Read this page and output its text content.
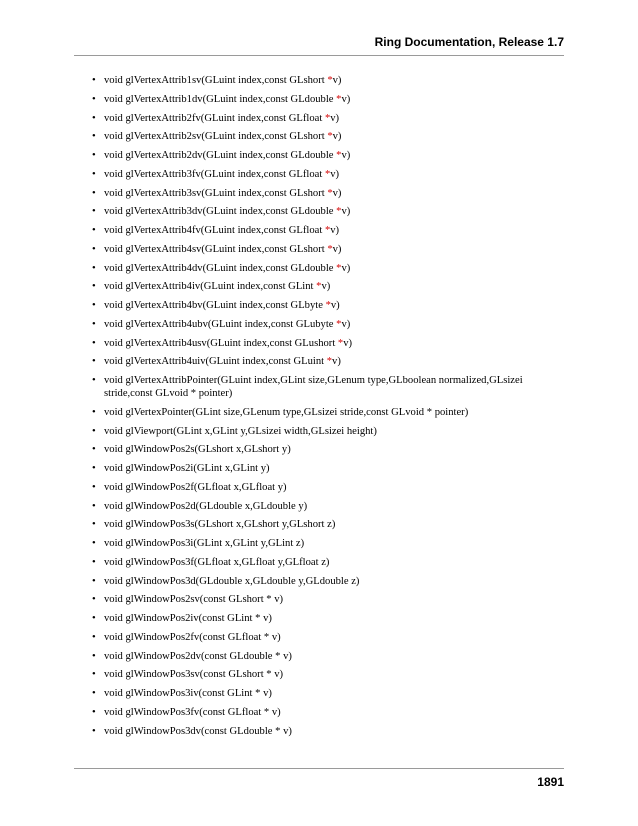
Ring Documentation, Release 1.7
• void glVertexAttrib1sv(GLuint index,const GLshort *v)
• void glVertexAttrib1dv(GLuint index,const GLdouble *v)
• void glVertexAttrib2fv(GLuint index,const GLfloat *v)
• void glVertexAttrib2sv(GLuint index,const GLshort *v)
• void glVertexAttrib2dv(GLuint index,const GLdouble *v)
• void glVertexAttrib3fv(GLuint index,const GLfloat *v)
• void glVertexAttrib3sv(GLuint index,const GLshort *v)
• void glVertexAttrib3dv(GLuint index,const GLdouble *v)
• void glVertexAttrib4fv(GLuint index,const GLfloat *v)
• void glVertexAttrib4sv(GLuint index,const GLshort *v)
• void glVertexAttrib4dv(GLuint index,const GLdouble *v)
• void glVertexAttrib4iv(GLuint index,const GLint *v)
• void glVertexAttrib4bv(GLuint index,const GLbyte *v)
• void glVertexAttrib4ubv(GLuint index,const GLubyte *v)
• void glVertexAttrib4usv(GLuint index,const GLushort *v)
• void glVertexAttrib4uiv(GLuint index,const GLuint *v)
• void glVertexAttribPointer(GLuint index,GLint size,GLenum type,GLboolean normalized,GLsizei stride,const GLvoid * pointer)
• void glVertexPointer(GLint size,GLenum type,GLsizei stride,const GLvoid * pointer)
• void glViewport(GLint x,GLint y,GLsizei width,GLsizei height)
• void glWindowPos2s(GLshort x,GLshort y)
• void glWindowPos2i(GLint x,GLint y)
• void glWindowPos2f(GLfloat x,GLfloat y)
• void glWindowPos2d(GLdouble x,GLdouble y)
• void glWindowPos3s(GLshort x,GLshort y,GLshort z)
• void glWindowPos3i(GLint x,GLint y,GLint z)
• void glWindowPos3f(GLfloat x,GLfloat y,GLfloat z)
• void glWindowPos3d(GLdouble x,GLdouble y,GLdouble z)
• void glWindowPos2sv(const GLshort * v)
• void glWindowPos2iv(const GLint * v)
• void glWindowPos2fv(const GLfloat * v)
• void glWindowPos2dv(const GLdouble * v)
• void glWindowPos3sv(const GLshort * v)
• void glWindowPos3iv(const GLint * v)
• void glWindowPos3fv(const GLfloat * v)
• void glWindowPos3dv(const GLdouble * v)
1891
